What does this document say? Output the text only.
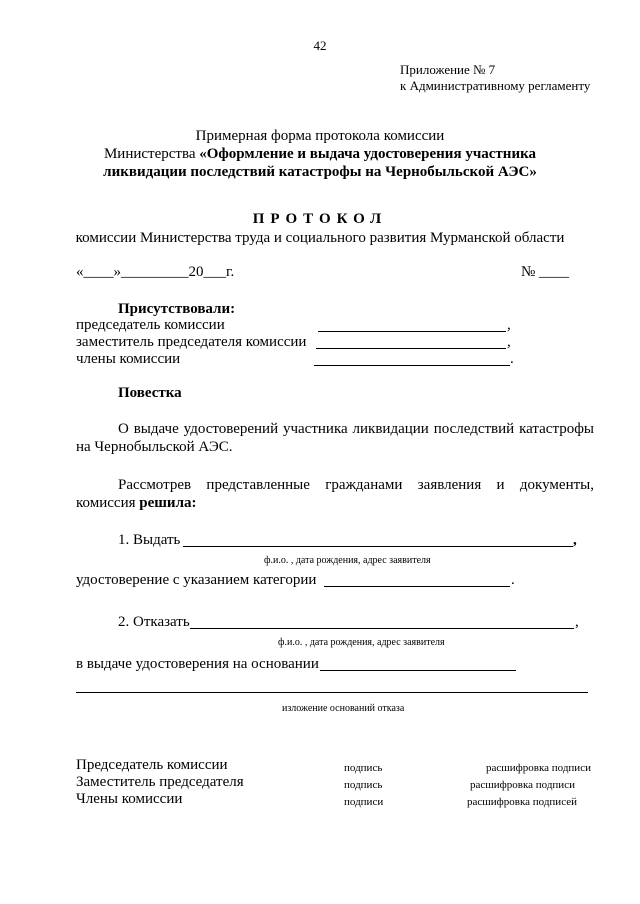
42
Приложение № 7
к Административному регламенту
Примерная форма протокола комиссии
Министерства «Оформление и выдача удостоверения участника
ликвидации последствий катастрофы на Чернобыльской АЭС»
ПРОТОКОЛ
комиссии Министерства труда и социального развития Мурманской области
«____»_________20___г.	№ ____
Присутствовали:
председатель комиссии	,
заместитель председателя комиссии	,
члены комиссии	.
Повестка
О выдаче удостоверений участника ликвидации последствий катастрофы
на Чернобыльской АЭС.
Рассмотрев представленные гражданами заявления и документы,
комиссия решила:
1. Выдать	,
ф.и.о. , дата рождения, адрес заявителя
удостоверение с указанием категории	.
2. Отказать	,
ф.и.о. , дата рождения, адрес заявителя
в выдаче удостоверения на основании
изложение оснований отказа
Председатель комиссии	подпись	расшифровка подписи
Заместитель председателя	подпись	расшифровка подписи
Члены комиссии	подписи	расшифровка подписей
